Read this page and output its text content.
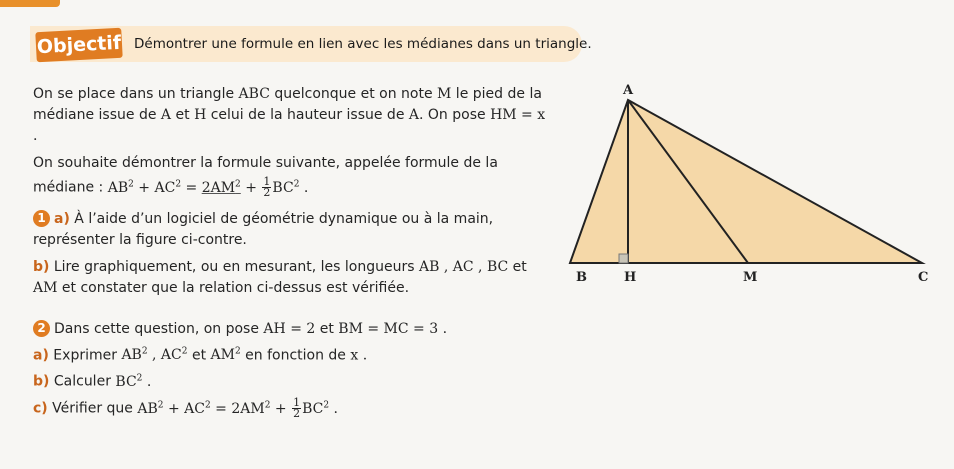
Objectif Démontrer une formule en lien avec les médianes dans un triangle.

On se place dans un triangle ABC quelconque et on note M le pied de la médiane issue de A et H celui de la hauteur issue de A. On pose HM = x .

On souhaite démontrer la formule suivante, appelée formule de la médiane : $AB^2 + AC^2 = 2AM^2 + \frac{1}{2} BC^2$ .

1 a) À l’aide d’un logiciel de géométrie dynamique ou à la main, représenter la figure ci-contre.

b) Lire graphiquement, ou en mesurant, les longueurs AB , AC , BC et AM et constater que la relation ci-dessus est vérifiée.

2 Dans cette question, on pose AH = 2 et BM = MC = 3 .

a) Exprimer $AB^2$ , $AC^2$ et $AM^2$ en fonction de x .

b) Calculer $BC^2$ .

c) Vérifier que $AB^2 + AC^2 = 2AM^2 + \frac{1}{2} BC^2$ .

A
B	H	M	C
